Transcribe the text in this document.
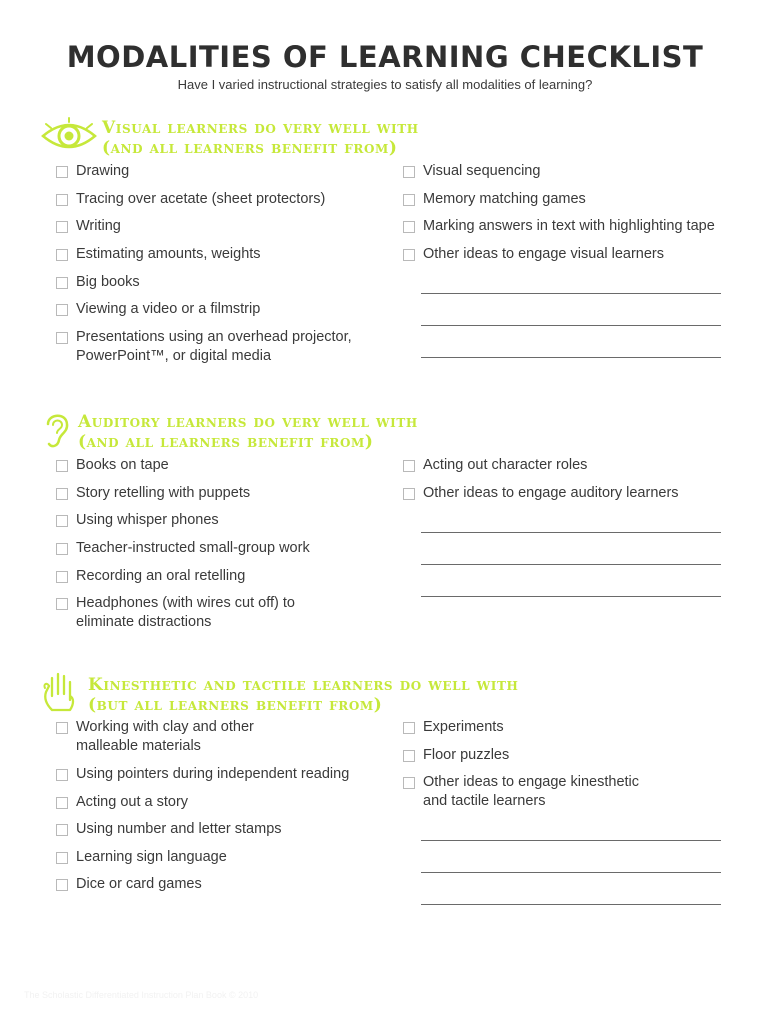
MODALITIES OF LEARNING CHECKLIST
Have I varied instructional strategies to satisfy all modalities of learning?
Visual learners do very well with
(and all learners benefit from)
Drawing
Tracing over acetate (sheet protectors)
Writing
Estimating amounts, weights
Big books
Viewing a video or a filmstrip
Presentations using an overhead projector,
PowerPoint™, or digital media
Visual sequencing
Memory matching games
Marking answers in text with highlighting tape
Other ideas to engage visual learners
Auditory learners do very well with
(and all learners benefit from)
Books on tape
Story retelling with puppets
Using whisper phones
Teacher-instructed small-group work
Recording an oral retelling
Headphones (with wires cut off) to
eliminate distractions
Acting out character roles
Other ideas to engage auditory learners
Kinesthetic and tactile learners do well with
(but all learners benefit from)
Working with clay and other
malleable materials
Using pointers during independent reading
Acting out a story
Using number and letter stamps
Learning sign language
Dice or card games
Experiments
Floor puzzles
Other ideas to engage kinesthetic
and tactile learners
The Scholastic Differentiated Instruction Plan Book © 2010
